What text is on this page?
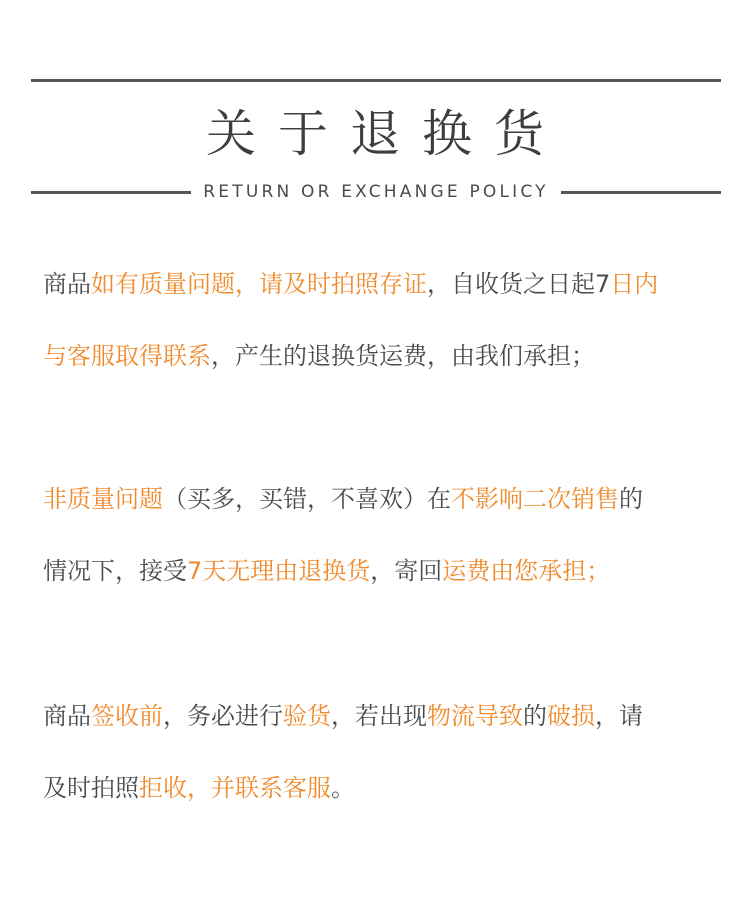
关于退换货
RETURN OR EXCHANGE POLICY
商品如有质量问题，请及时拍照存证，自收货之日起7日内
与客服取得联系，产生的退换货运费，由我们承担；
非质量问题（买多，买错，不喜欢）在不影响二次销售的
情况下，接受7天无理由退换货，寄回运费由您承担；
商品签收前，务必进行验货，若出现物流导致的破损，请
及时拍照拒收，并联系客服。
